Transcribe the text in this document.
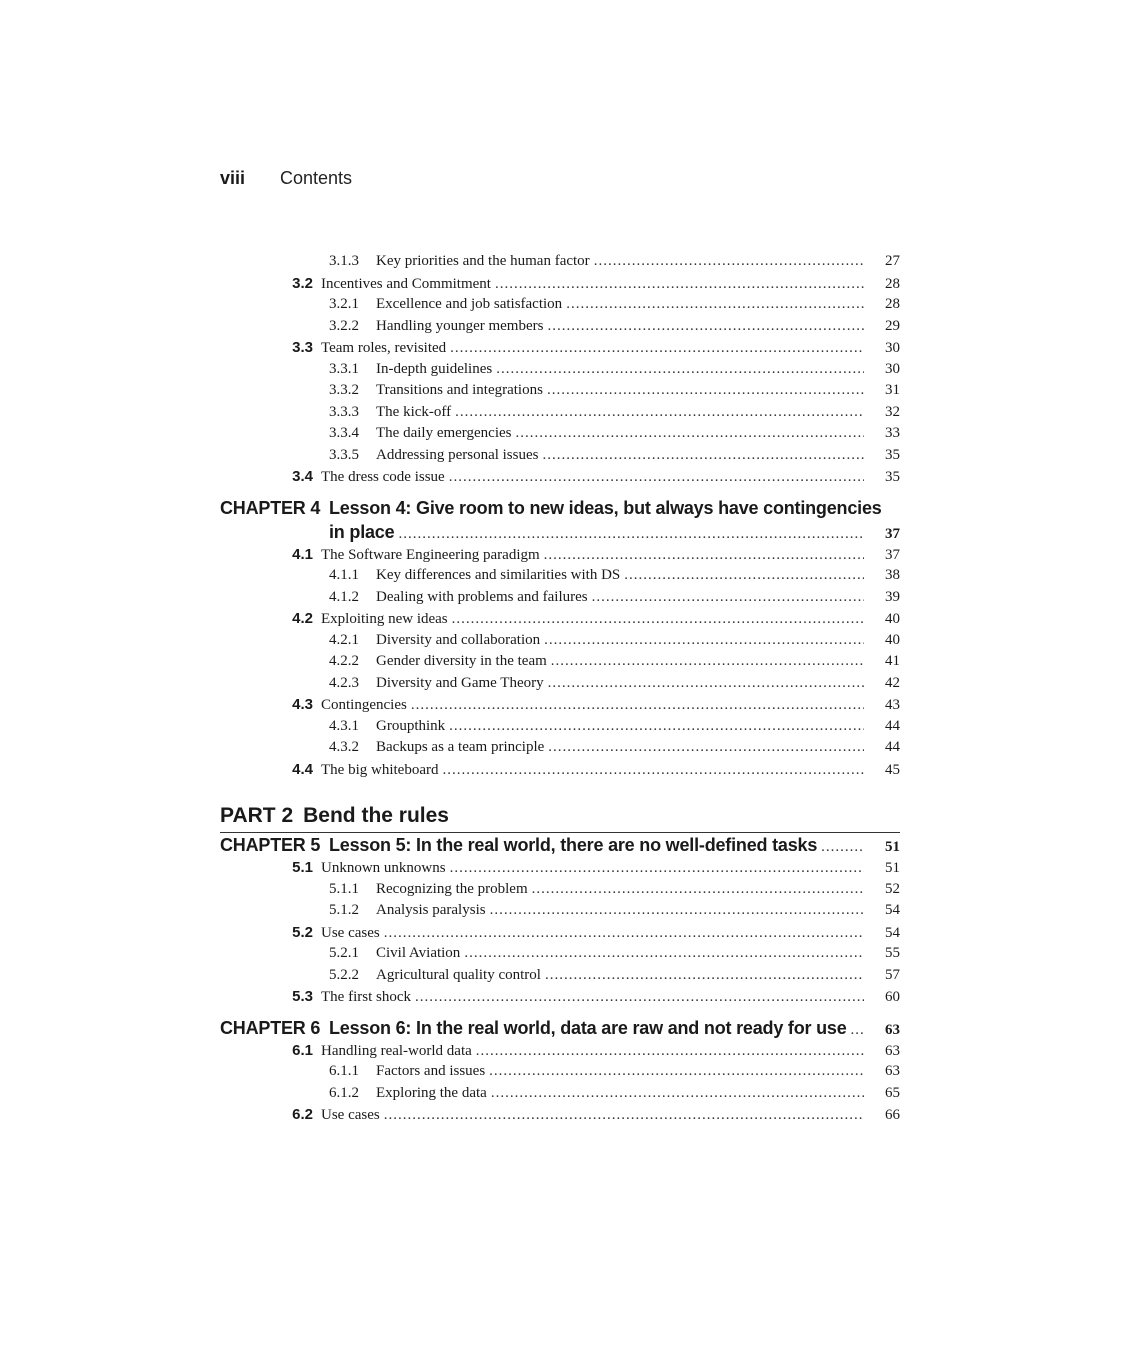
viii	Contents
3.1.3	Key priorities and the human factor .....	27
3.2 Incentives and Commitment .....	28
3.2.1	Excellence and job satisfaction .....	28
3.2.2	Handling younger members .....	29
3.3 Team roles, revisited .....	30
3.3.1	In-depth guidelines .....	30
3.3.2	Transitions and integrations .....	31
3.3.3	The kick-off .....	32
3.3.4	The daily emergencies .....	33
3.3.5	Addressing personal issues .....	35
3.4 The dress code issue .....	35
CHAPTER 4 Lesson 4: Give room to new ideas, but always have contingencies
in place .....	37
4.1 The Software Engineering paradigm .....	37
4.1.1	Key differences and similarities with DS .....	38
4.1.2	Dealing with problems and failures .....	39
4.2 Exploiting new ideas .....	40
4.2.1	Diversity and collaboration .....	40
4.2.2	Gender diversity in the team .....	41
4.2.3	Diversity and Game Theory .....	42
4.3 Contingencies .....	43
4.3.1	Groupthink .....	44
4.3.2	Backups as a team principle .....	44
4.4 The big whiteboard .....	45
PART 2 Bend the rules
CHAPTER 5 Lesson 5: In the real world, there are no well-defined tasks .....	51
5.1 Unknown unknowns .....	51
5.1.1	Recognizing the problem .....	52
5.1.2	Analysis paralysis .....	54
5.2 Use cases .....	54
5.2.1	Civil Aviation .....	55
5.2.2	Agricultural quality control .....	57
5.3 The first shock .....	60
CHAPTER 6 Lesson 6: In the real world, data are raw and not ready for use .....	63
6.1 Handling real-world data .....	63
6.1.1	Factors and issues .....	63
6.1.2	Exploring the data .....	65
6.2 Use cases .....	66
